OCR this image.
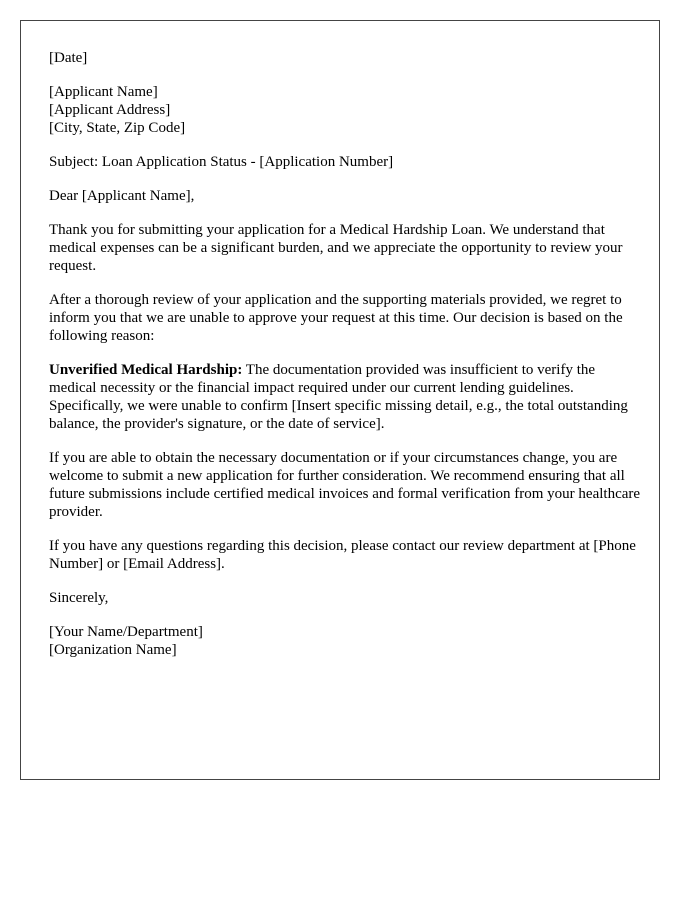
[Date]

[Applicant Name]
[Applicant Address]
[City, State, Zip Code]

Subject: Loan Application Status - [Application Number]

Dear [Applicant Name],

Thank you for submitting your application for a Medical Hardship Loan. We understand that medical expenses can be a significant burden, and we appreciate the opportunity to review your request.

After a thorough review of your application and the supporting materials provided, we regret to inform you that we are unable to approve your request at this time. Our decision is based on the following reason:

Unverified Medical Hardship: The documentation provided was insufficient to verify the medical necessity or the financial impact required under our current lending guidelines. Specifically, we were unable to confirm [Insert specific missing detail, e.g., the total outstanding balance, the provider's signature, or the date of service].

If you are able to obtain the necessary documentation or if your circumstances change, you are welcome to submit a new application for further consideration. We recommend ensuring that all future submissions include certified medical invoices and formal verification from your healthcare provider.

If you have any questions regarding this decision, please contact our review department at [Phone Number] or [Email Address].

Sincerely,

[Your Name/Department]
[Organization Name]
